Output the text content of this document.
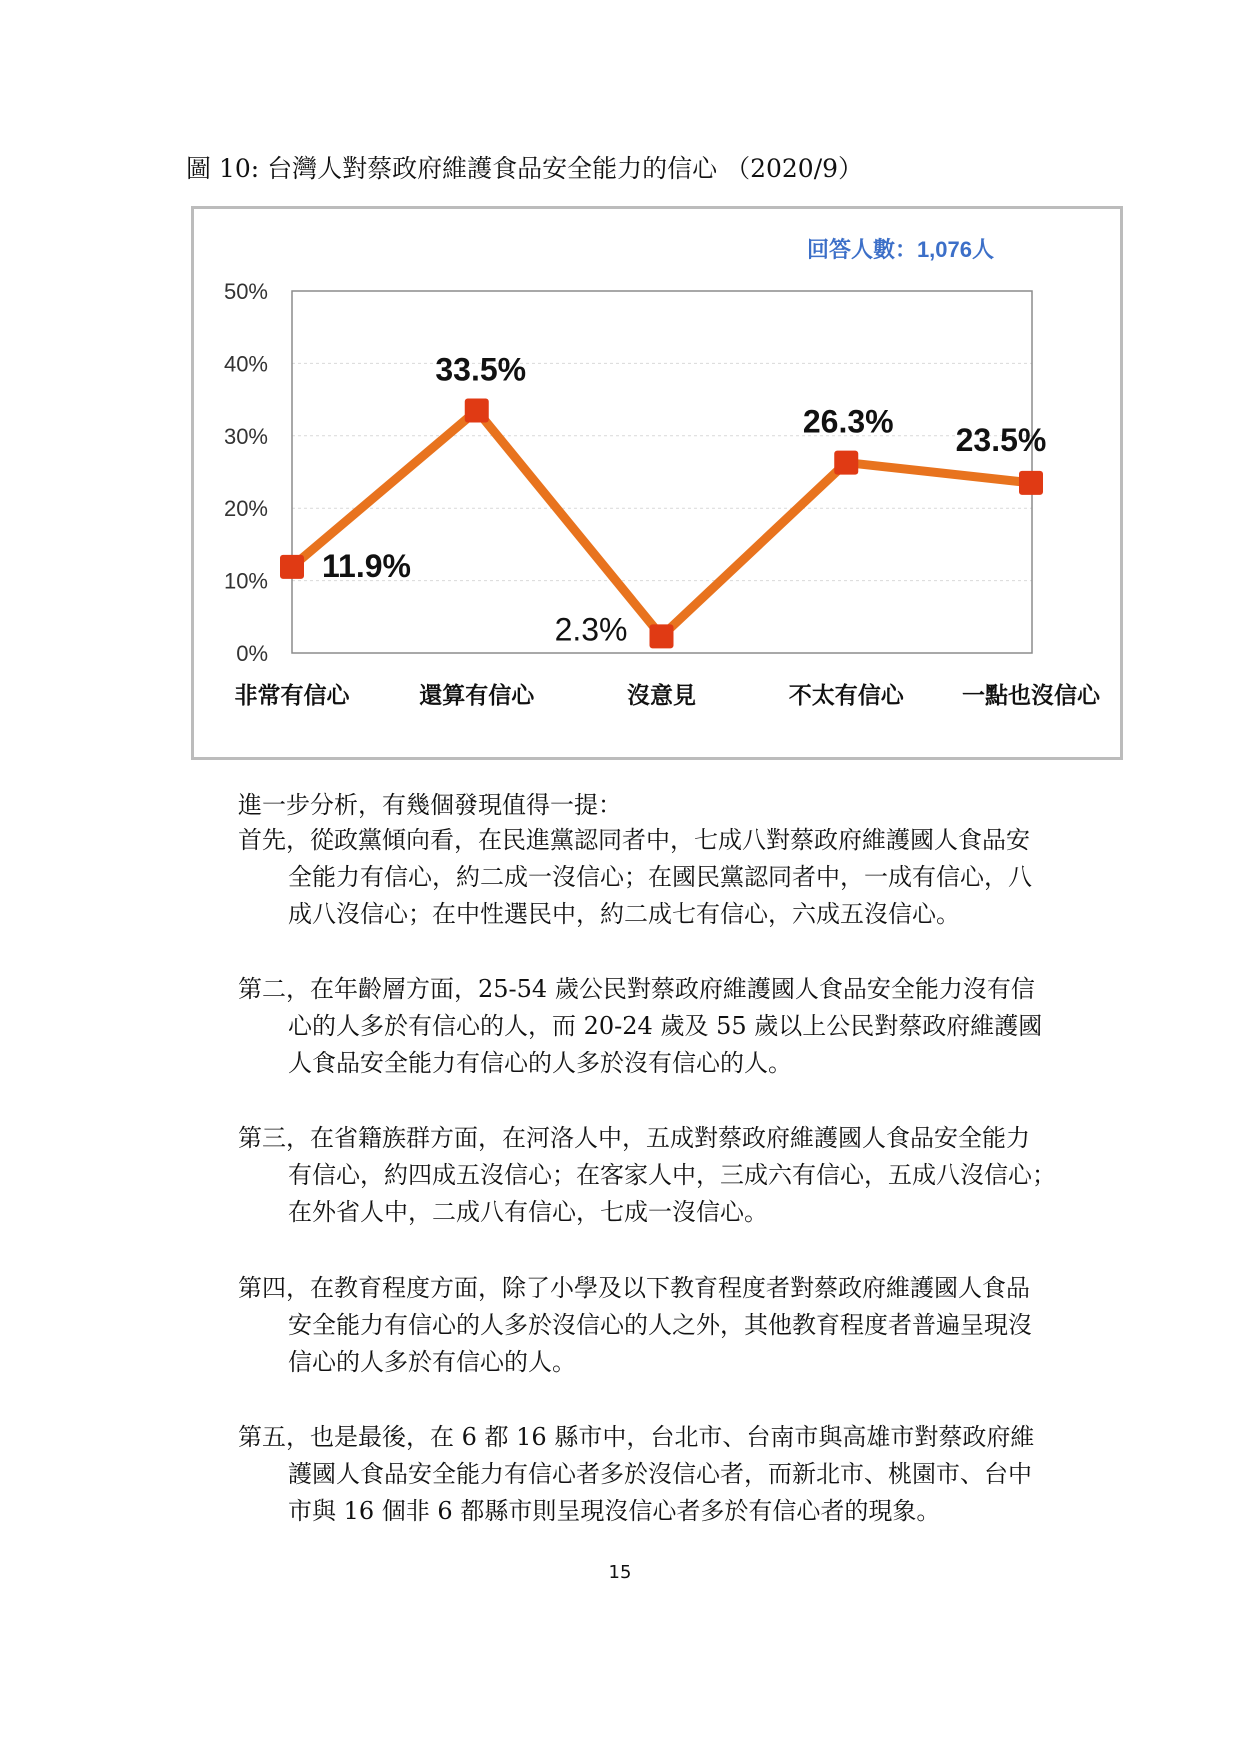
圖 10: 台灣人對蔡政府維護食品安全能力的信心 （2020/9）
0%
10%
20%
30%
40%
50%
非常有信心	還算有信心	沒意見	不太有信心	一點也沒信心
11.9%
33.5%
2.3%
26.3%
23.5%
回答人數：1,076人
進一步分析，有幾個發現值得一提：
首先，從政黨傾向看，在民進黨認同者中，七成八對蔡政府維護國人食品安
全能力有信心，約二成一沒信心；在國民黨認同者中，一成有信心，八
成八沒信心；在中性選民中，約二成七有信心，六成五沒信心。
第二，在年齡層方面，25-54 歲公民對蔡政府維護國人食品安全能力沒有信
心的人多於有信心的人，而 20-24 歲及 55 歲以上公民對蔡政府維護國
人食品安全能力有信心的人多於沒有信心的人。
第三，在省籍族群方面，在河洛人中，五成對蔡政府維護國人食品安全能力
有信心，約四成五沒信心；在客家人中，三成六有信心，五成八沒信心；
在外省人中，二成八有信心，七成一沒信心。
第四，在教育程度方面，除了小學及以下教育程度者對蔡政府維護國人食品
安全能力有信心的人多於沒信心的人之外，其他教育程度者普遍呈現沒
信心的人多於有信心的人。
第五，也是最後，在 6 都 16 縣市中，台北市、台南市與高雄市對蔡政府維
護國人食品安全能力有信心者多於沒信心者，而新北市、桃園市、台中
市與 16 個非 6 都縣市則呈現沒信心者多於有信心者的現象。
15
